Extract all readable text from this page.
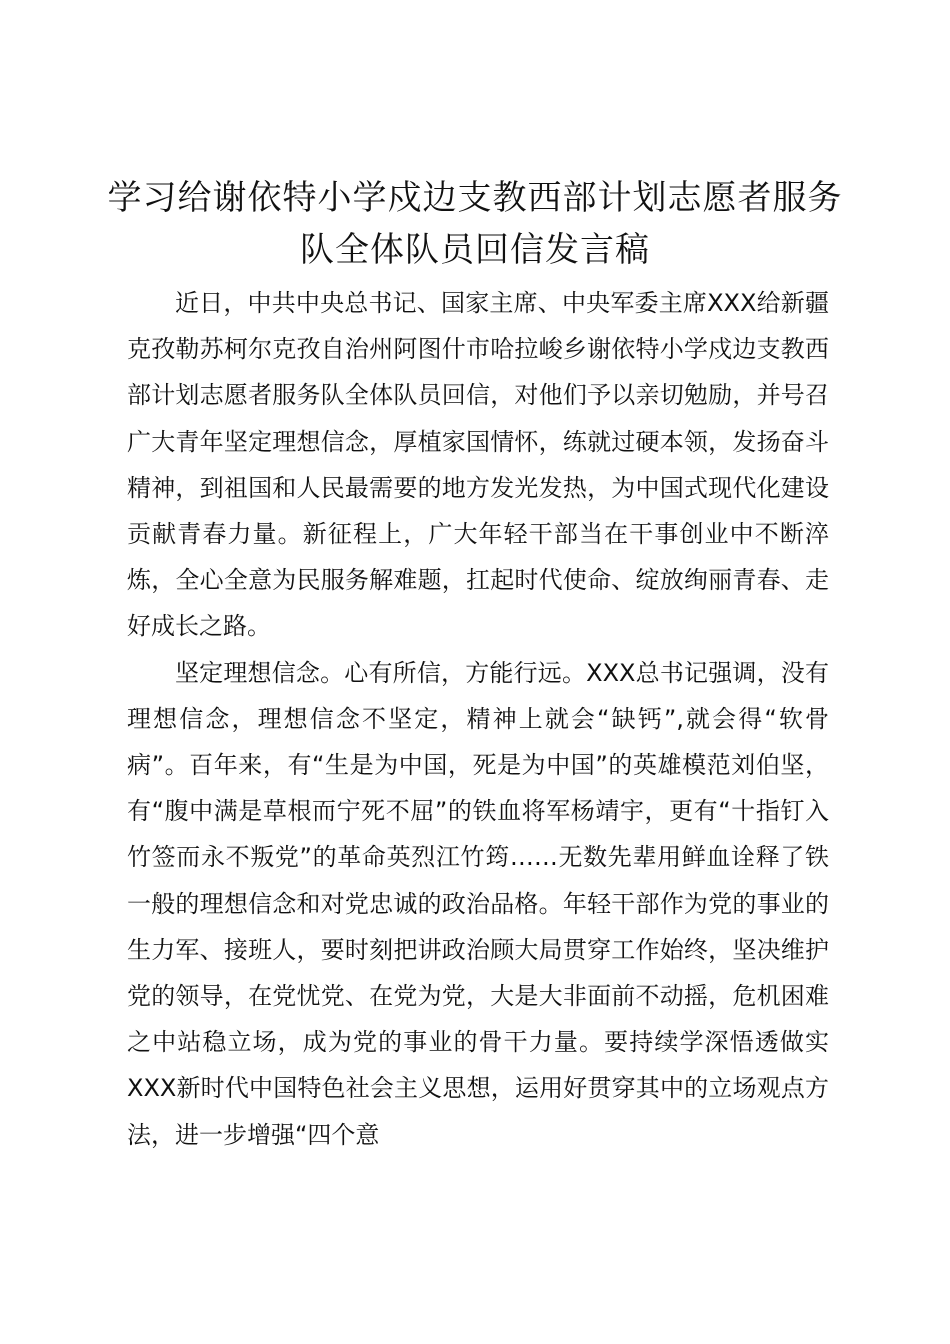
学习给谢依特小学戍边支教西部计划志愿者服务队全体队员回信发言稿

近日，中共中央总书记、国家主席、中央军委主席XXX给新疆克孜勒苏柯尔克孜自治州阿图什市哈拉峻乡谢依特小学戍边支教西部计划志愿者服务队全体队员回信，对他们予以亲切勉励，并号召广大青年坚定理想信念，厚植家国情怀，练就过硬本领，发扬奋斗精神，到祖国和人民最需要的地方发光发热，为中国式现代化建设贡献青春力量。新征程上，广大年轻干部当在干事创业中不断淬炼，全心全意为民服务解难题，扛起时代使命、绽放绚丽青春、走好成长之路。

坚定理想信念。心有所信，方能行远。XXX总书记强调，没有理想信念，理想信念不坚定，精神上就会“缺钙”,就会得“软骨病”。百年来，有“生是为中国，死是为中国”的英雄模范刘伯坚，有“腹中满是草根而宁死不屈”的铁血将军杨靖宇，更有“十指钉入竹签而永不叛党”的革命英烈江竹筠……无数先辈用鲜血诠释了铁一般的理想信念和对党忠诚的政治品格。年轻干部作为党的事业的生力军、接班人，要时刻把讲政治顾大局贯穿工作始终，坚决维护党的领导，在党忧党、在党为党，大是大非面前不动摇，危机困难之中站稳立场，成为党的事业的骨干力量。要持续学深悟透做实XXX新时代中国特色社会主义思想，运用好贯穿其中的立场观点方法，进一步增强“四个意
